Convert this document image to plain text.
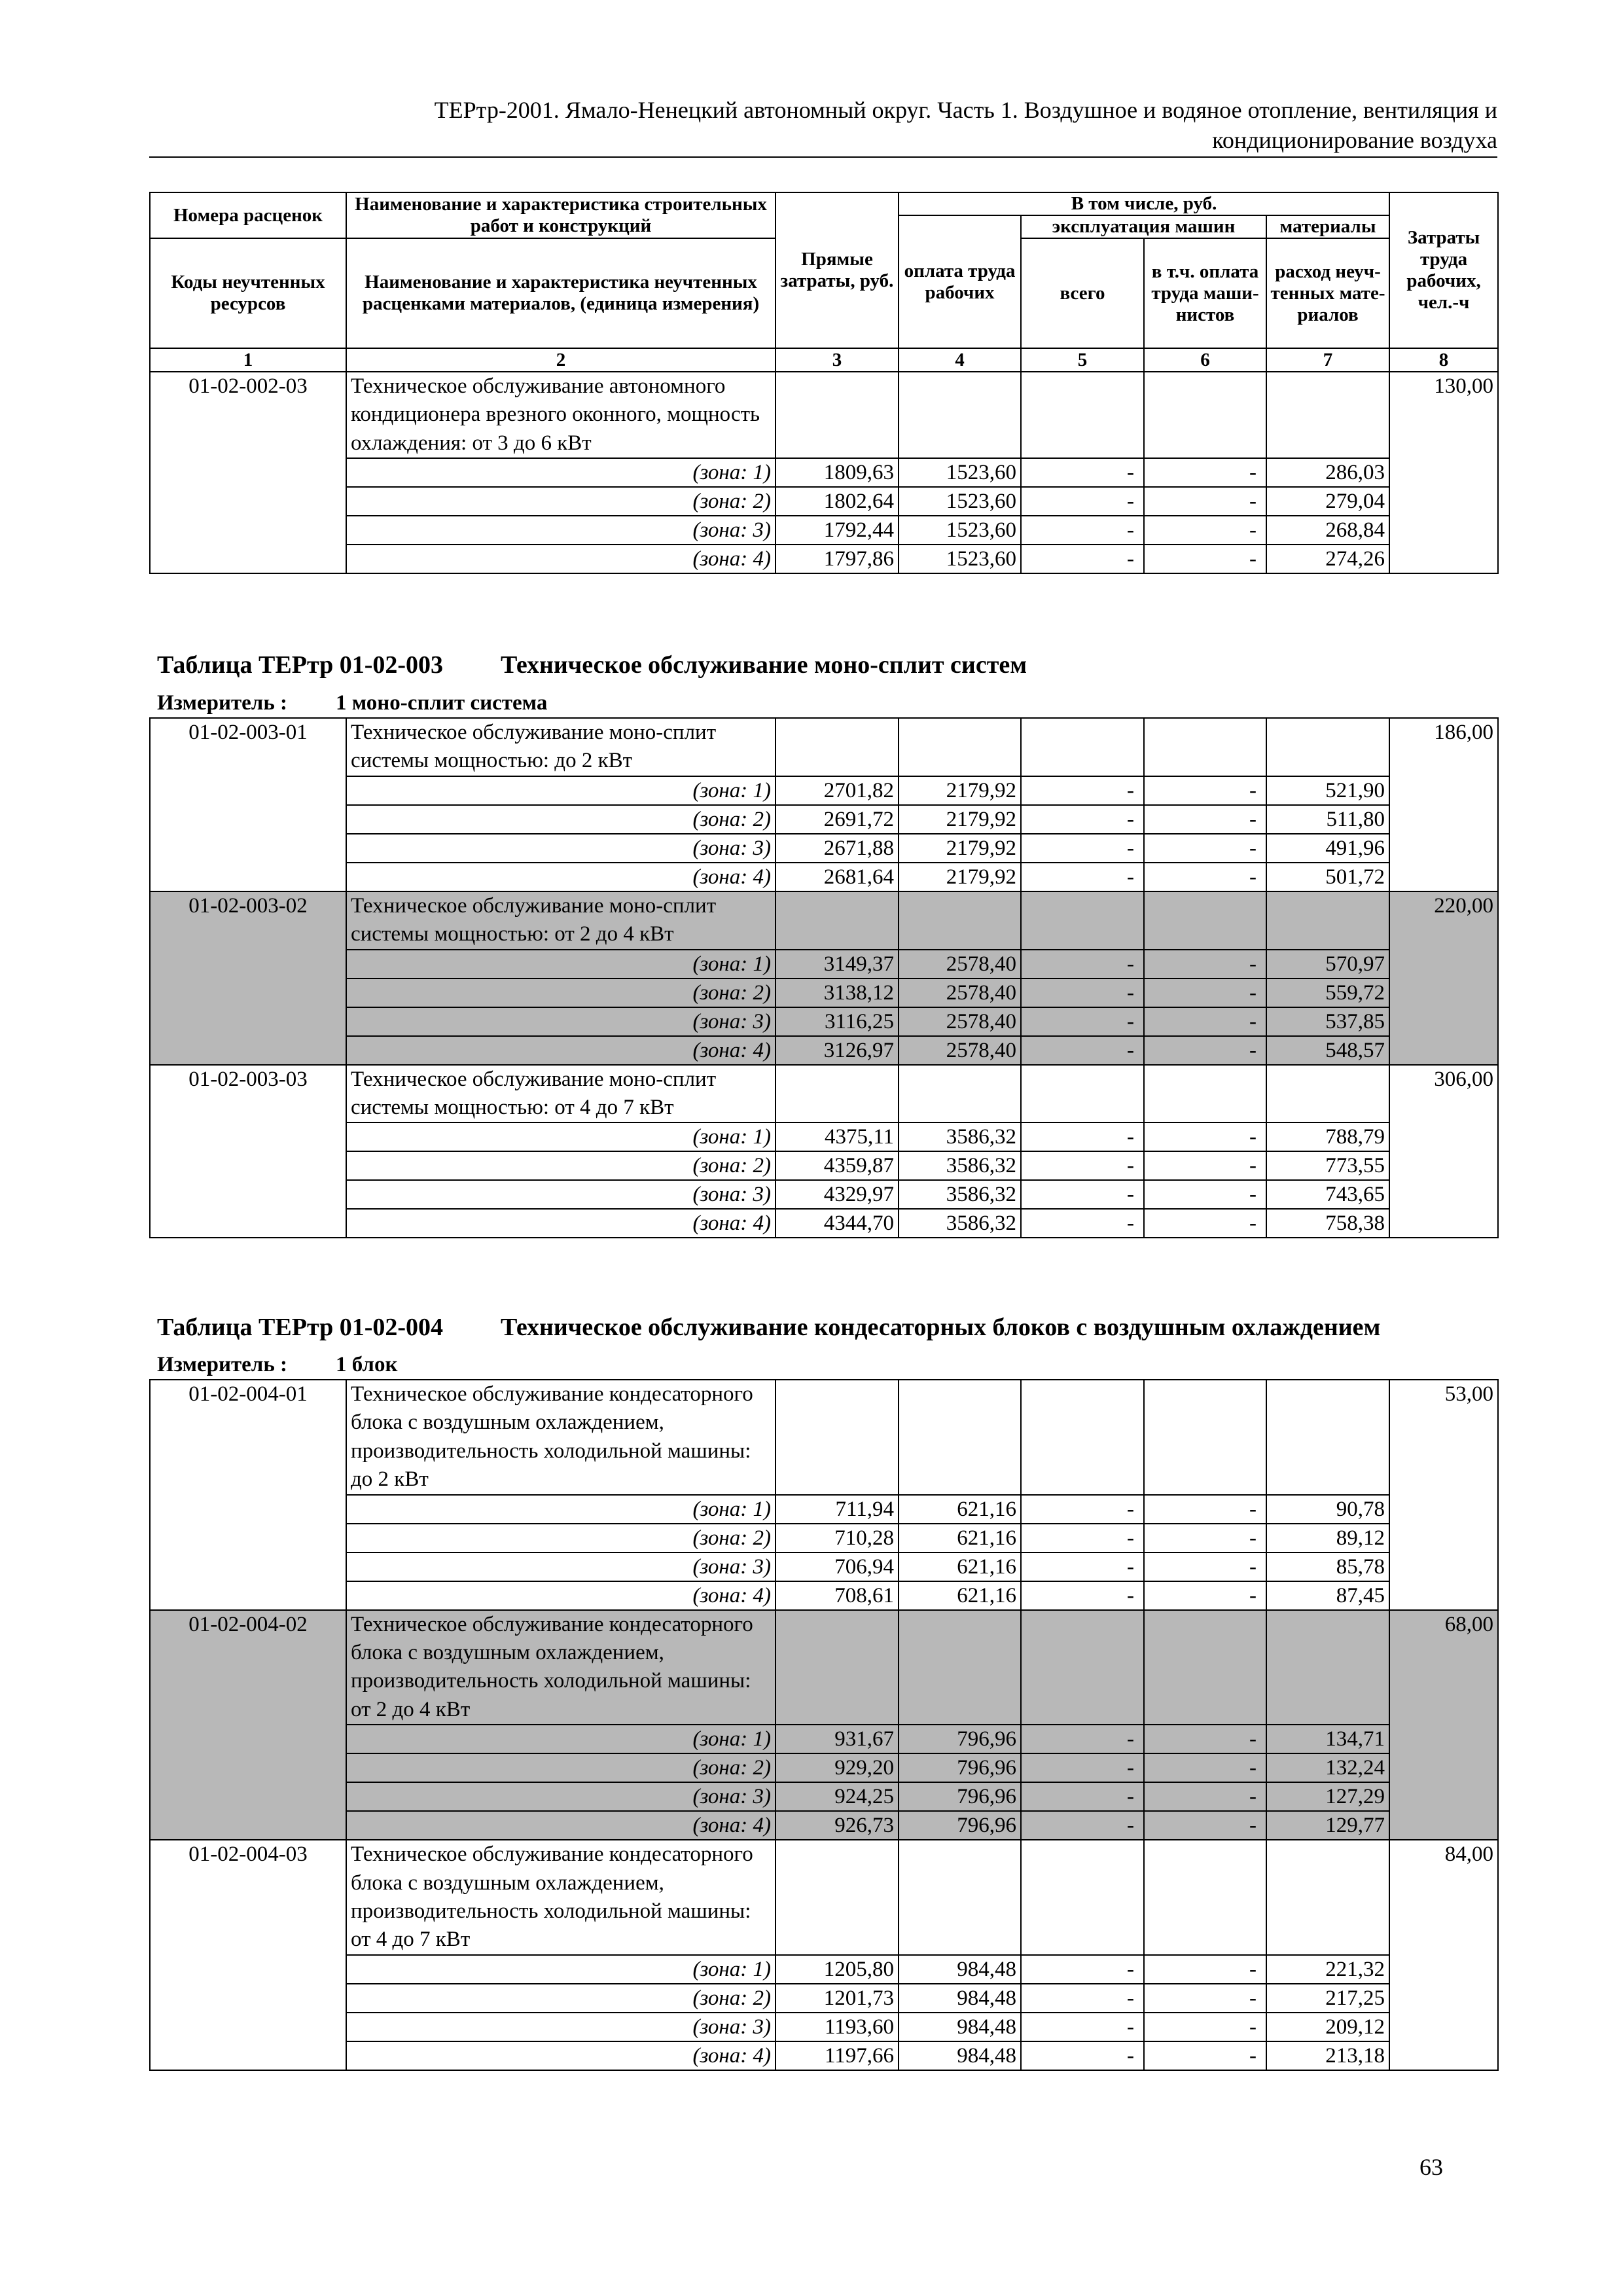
ТЕРтр-2001. Ямало-Ненецкий автономный округ. Часть 1. Воздушное и водяное отопление, вентиляция и
кондиционирование воздуха
Номера расценок	Наименование и характеристика строительных работ и конструкций	Прямые затраты, руб.	В том числе, руб.				Затраты труда рабочих, чел.-ч
			оплата труда рабочих	эксплуатация машин		материалы	
Коды неучтенных ресурсов	Наименование и характеристика неучтенных расценками материалов, (единица измерения)			всего	в т.ч. оплата труда маши-нистов	расход неуч-тенных мате-риалов	

1	2	3	4	5	6	7	8
01-02-002-03	Техническое обслуживание автономного кондиционера врезного оконного, мощность охлаждения: от 3 до 6 кВт						130,00
	(зона: 1)	1809,63	1523,60	-	-	286,03	
	(зона: 2)	1802,64	1523,60	-	-	279,04	
	(зона: 3)	1792,44	1523,60	-	-	268,84	
	(зона: 4)	1797,86	1523,60	-	-	274,26	
Таблица ТЕРтр 01-02-003 Техническое обслуживание моно-сплит систем
Измеритель : 1 моно-сплит система
01-02-003-01	Техническое обслуживание моно-сплит системы мощностью: до 2 кВт						186,00
	(зона: 1)	2701,82	2179,92	-	-	521,90	
	(зона: 2)	2691,72	2179,92	-	-	511,80	
	(зона: 3)	2671,88	2179,92	-	-	491,96	
	(зона: 4)	2681,64	2179,92	-	-	501,72	
01-02-003-02	Техническое обслуживание моно-сплит системы мощностью: от 2 до 4 кВт						220,00
	(зона: 1)	3149,37	2578,40	-	-	570,97	
	(зона: 2)	3138,12	2578,40	-	-	559,72	
	(зона: 3)	3116,25	2578,40	-	-	537,85	
	(зона: 4)	3126,97	2578,40	-	-	548,57	
01-02-003-03	Техническое обслуживание моно-сплит системы мощностью: от 4 до 7 кВт						306,00
	(зона: 1)	4375,11	3586,32	-	-	788,79	
	(зона: 2)	4359,87	3586,32	-	-	773,55	
	(зона: 3)	4329,97	3586,32	-	-	743,65	
	(зона: 4)	4344,70	3586,32	-	-	758,38	
Таблица ТЕРтр 01-02-004 Техническое обслуживание кондесаторных блоков с воздушным охлаждением
Измеритель : 1 блок
01-02-004-01	Техническое обслуживание кондесаторного блока с воздушным охлаждением, производительность холодильной машины: до 2 кВт						53,00
	(зона: 1)	711,94	621,16	-	-	90,78	
	(зона: 2)	710,28	621,16	-	-	89,12	
	(зона: 3)	706,94	621,16	-	-	85,78	
	(зона: 4)	708,61	621,16	-	-	87,45	
01-02-004-02	Техническое обслуживание кондесаторного блока с воздушным охлаждением, производительность холодильной машины: от 2 до 4 кВт						68,00
	(зона: 1)	931,67	796,96	-	-	134,71	
	(зона: 2)	929,20	796,96	-	-	132,24	
	(зона: 3)	924,25	796,96	-	-	127,29	
	(зона: 4)	926,73	796,96	-	-	129,77	
01-02-004-03	Техническое обслуживание кондесаторного блока с воздушным охлаждением, производительность холодильной машины: от 4 до 7 кВт						84,00
	(зона: 1)	1205,80	984,48	-	-	221,32	
	(зона: 2)	1201,73	984,48	-	-	217,25	
	(зона: 3)	1193,60	984,48	-	-	209,12	
	(зона: 4)	1197,66	984,48	-	-	213,18	
63
